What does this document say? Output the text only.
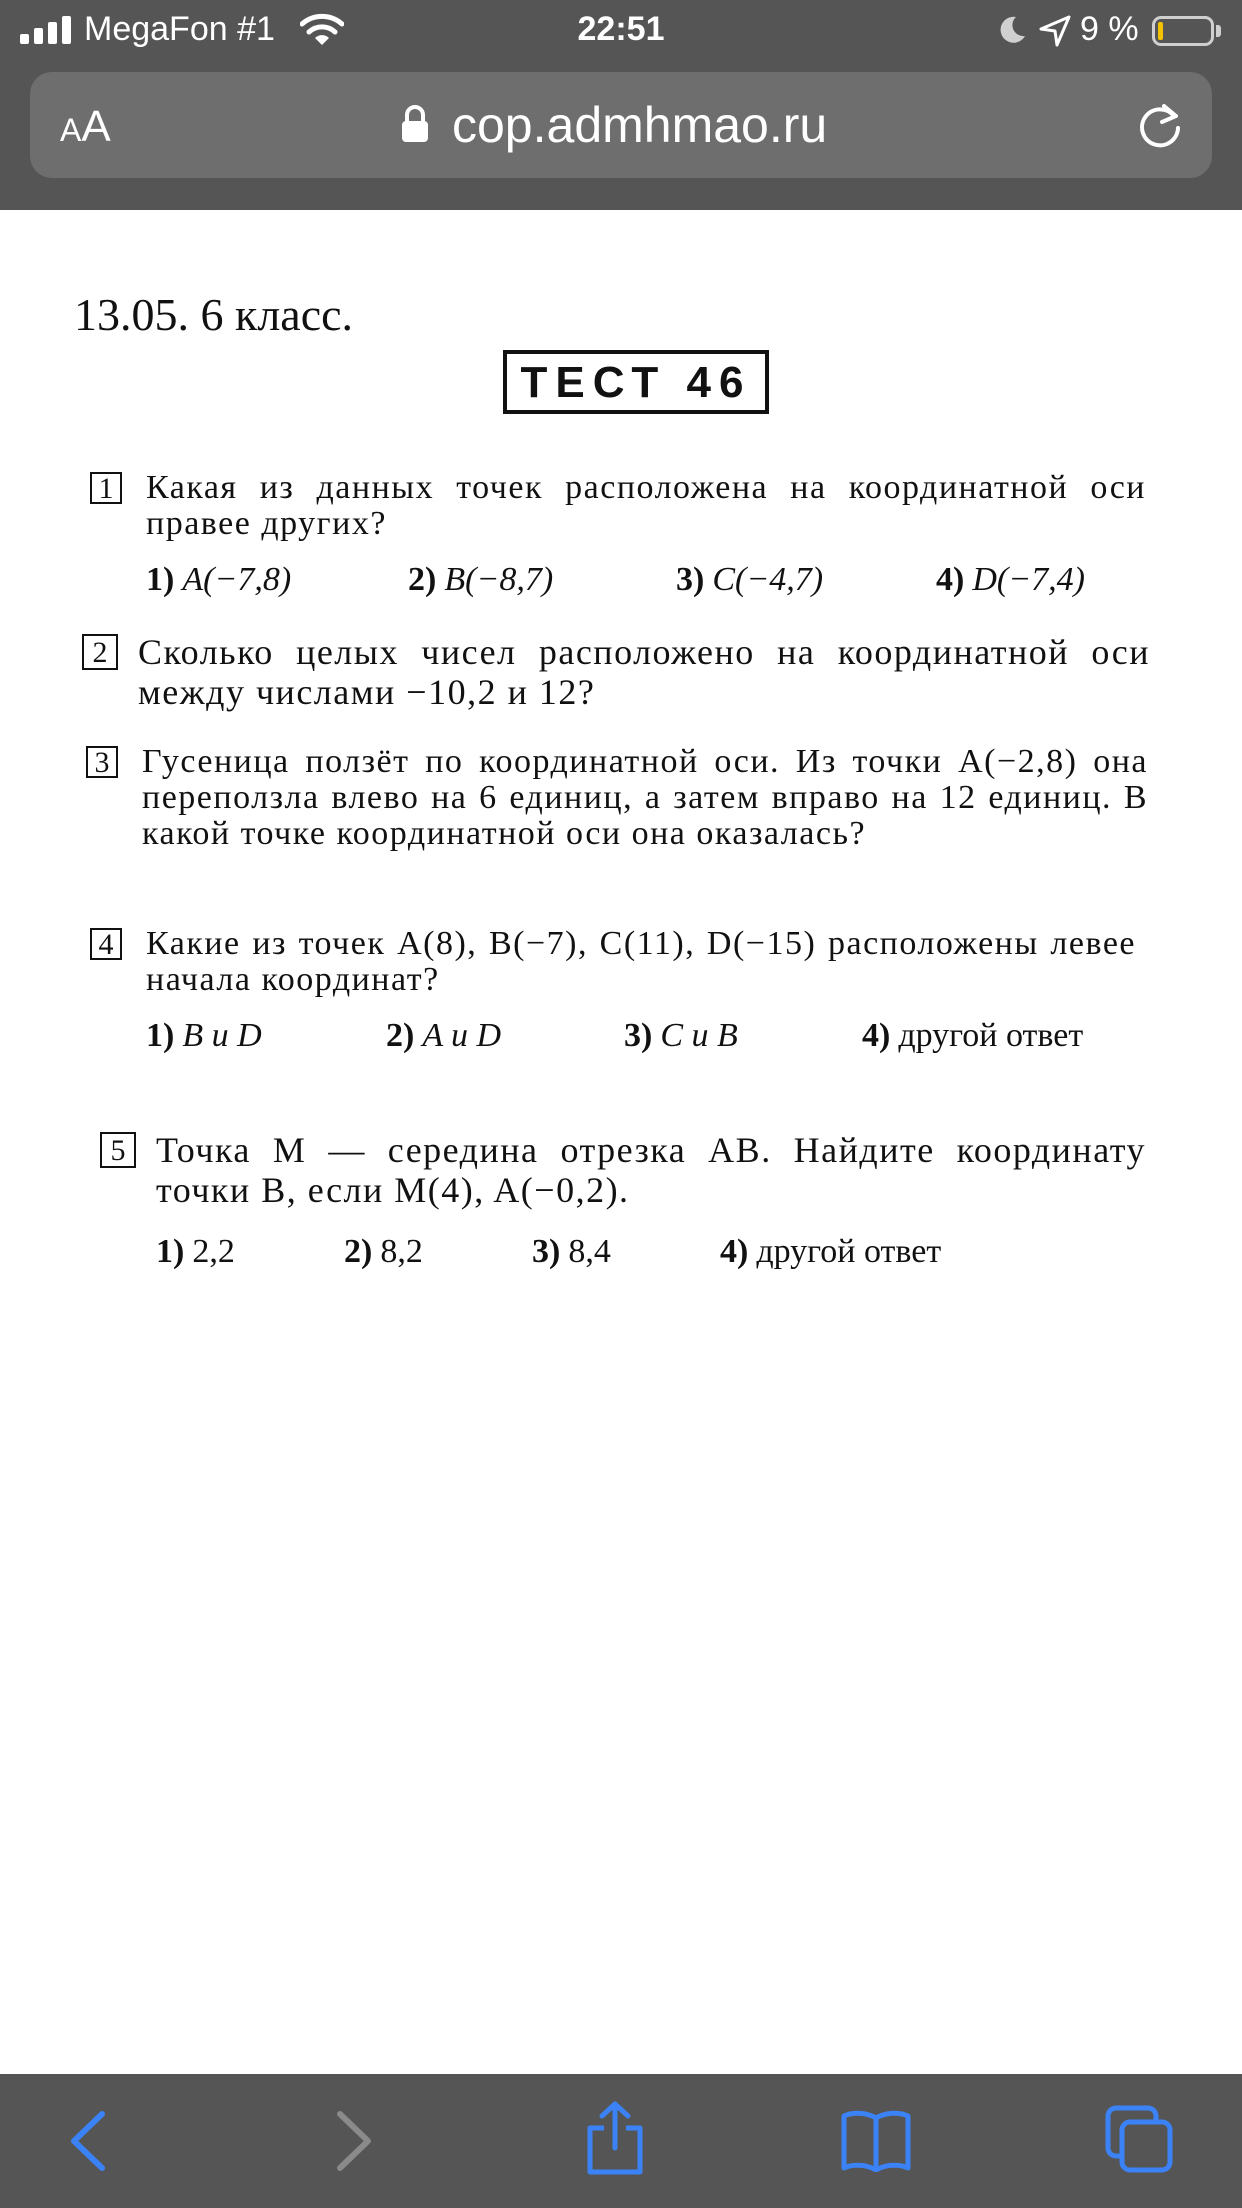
MegaFon #1	22:51	9 %
AA	cop.admhmao.ru
13.05. 6 класс.
ТЕСТ 46
1 Какая из данных точек расположена на координатной оси правее других?
1) A(−7,8)	2) B(−8,7)	3) C(−4,7)	4) D(−7,4)
2 Сколько целых чисел расположено на координатной оси между числами −10,2 и 12?
3 Гусеница ползёт по координатной оси. Из точки A(−2,8) она переползла влево на 6 единиц, а затем вправо на 12 единиц. В какой точке координатной оси она оказалась?
4 Какие из точек A(8), B(−7), C(11), D(−15) расположены левее начала координат?
1) B и D	2) A и D	3) C и B	4) другой ответ
5 Точка M — середина отрезка AB. Найдите координату точки B, если M(4), A(−0,2).
1) 2,2	2) 8,2	3) 8,4	4) другой ответ
